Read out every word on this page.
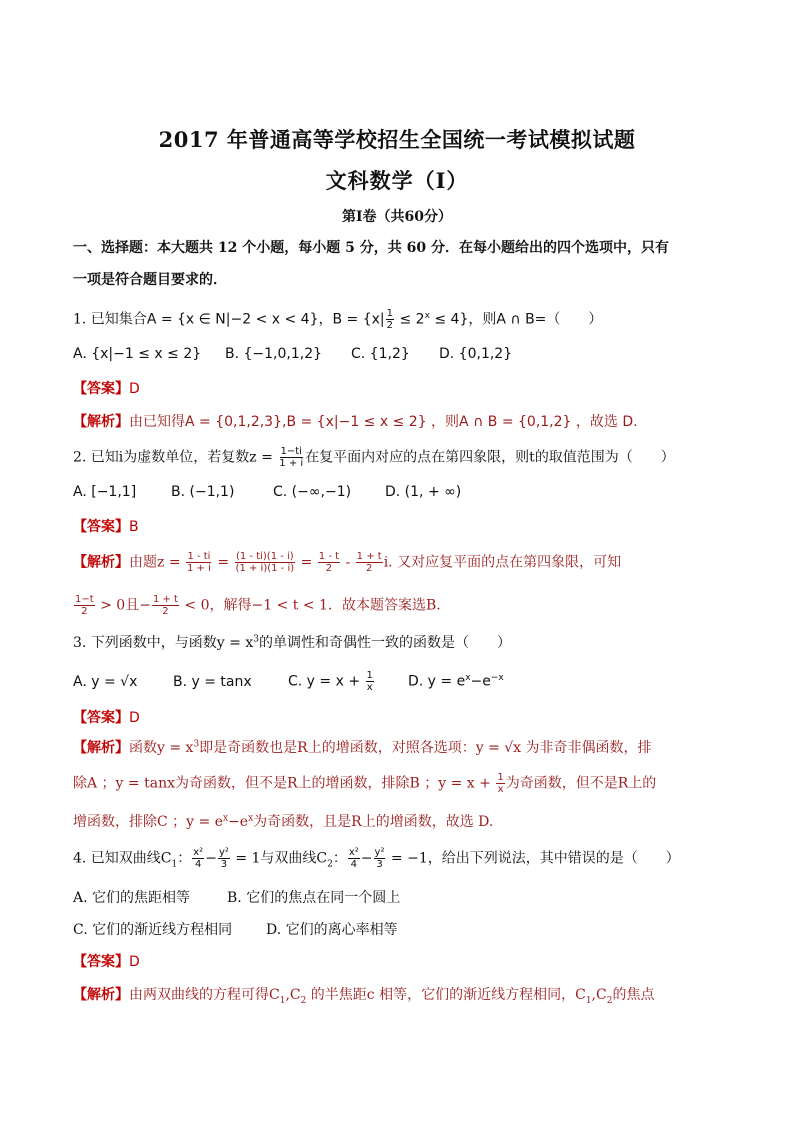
2017 年普通高等学校招生全国统一考试模拟试题
文科数学（Ⅰ）
第Ⅰ卷（共60分）
一、选择题：本大题共 12 个小题，每小题 5 分，共 60 分．在每小题给出的四个选项中，只有
一项是符合题目要求的．
1. 已知集合A = {x ∈ N|−2 < x < 4}，$B = \{x| \frac{1}{2} \le 2^x \le 4\}$，则A ∩ B=（　　）
A. {x|−1 ≤ x ≤ 2} B. {−1,0,1,2} C. {1,2} D. {0,1,2}
【答案】D
【解析】由已知得A = {0,1,2,3},B = {x|−1 ≤ x ≤ 2} ，则A ∩ B = {0,1,2} ，故选 D.
2. 已知i为虚数单位，若复数$z = \frac{1-ti}{1 + i}$ 在复平面内对应的点在第四象限，则t的取值范围为（　　）
A. [−1,1] B. (−1,1)	C. (−∞,−1) D. (1, + ∞)
【答案】B
【解析】由题$z = \frac{1 - ti}{1 + i} = \frac{(1 - ti)(1 - i)}{(1 + i)(1 - i)} = \frac{1 - t}{2} - \frac{1 + t}{2} i$. 又对应复平面的点在第四象限，可知
$\frac{1-t}{2} > 0$且− $\frac{1 + t}{2} < 0$，解得−1 < t < 1．故本题答案选B.
3. 下列函数中，与函数$y = x^3$的单调性和奇偶性一致的函数是（　　）
A. y = √x	B. y = tanx	C. $y = x + \frac{1}{x} D$. $y = e^x-e^{-x}$
【答案】D
【解析】函数$y = x^3$即是奇函数也是R上的增函数，对照各选项：y = √x 为非奇非偶函数，排
除A ；y = tanx为奇函数，但不是R上的增函数，排除B ；$y = x + \frac{1}{x}$ 为奇函数，但不是R上的
增函数，排除C ；$y = e^x-e^x$为奇函数，且是R上的增函数，故选 D.
4. 已知双曲线$C_1$： $\frac{\text{x²}}{4} - \frac{\text{y²}}{3} = 1$与双曲线$C_2$： $\frac{\text{x²}}{4} - \frac{\text{y²}}{3} = -1$，给出下列说法，其中错误的是（　　）
A. 它们的焦距相等	B. 它们的焦点在同一个圆上
C. 它们的渐近线方程相同 D. 它们的离心率相等
【答案】D
【解析】由两双曲线的方程可得$C_1,C_2$ 的半焦距c 相等，它们的渐近线方程相同，$C_1,C_2$的焦点
